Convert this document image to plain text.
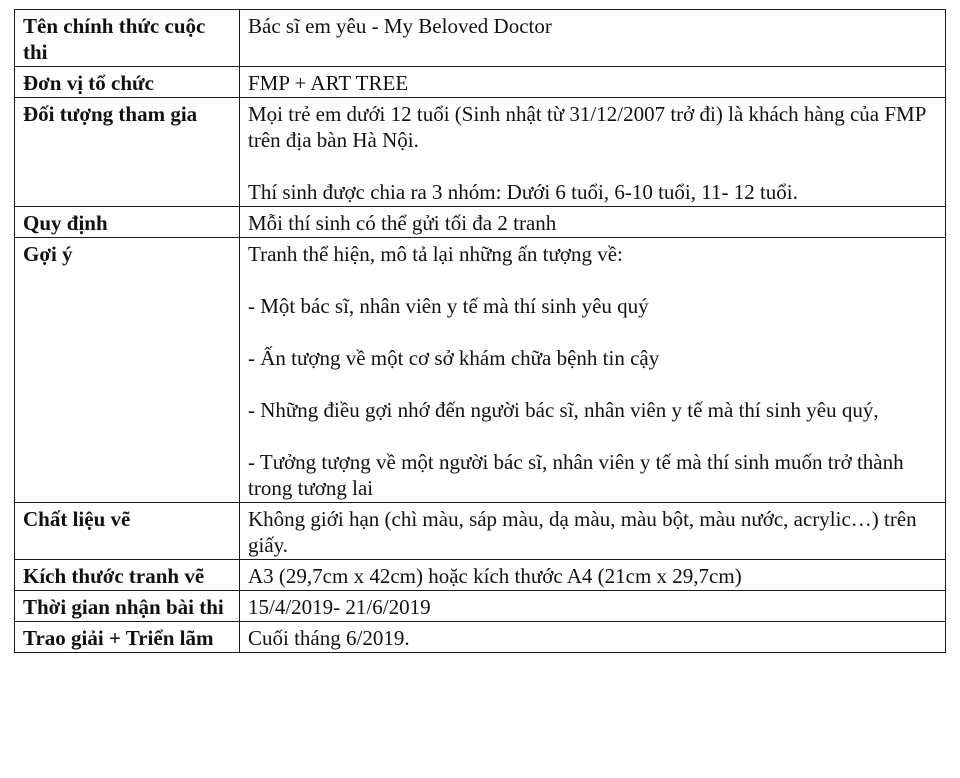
Tên chính thức cuộc thi	Bác sĩ em yêu - My Beloved Doctor

Đơn vị tổ chức	FMP + ART TREE

Đối tượng tham gia	Mọi trẻ em dưới 12 tuổi (Sinh nhật từ 31/12/2007 trở đi) là khách hàng của FMP trên địa bàn Hà Nội.
Thí sinh được chia ra 3 nhóm: Dưới 6 tuổi, 6-10 tuổi, 11- 12 tuổi.

Quy định	Mỗi thí sinh có thể gửi tối đa 2 tranh

Gợi ý	Tranh thể hiện, mô tả lại những ấn tượng về:
- Một bác sĩ, nhân viên y tế mà thí sinh yêu quý
- Ấn tượng về một cơ sở khám chữa bệnh tin cậy
- Những điều gợi nhớ đến người bác sĩ, nhân viên y tế mà thí sinh yêu quý,
- Tưởng tượng về một người bác sĩ, nhân viên y tế mà thí sinh muốn trở thành trong tương lai

Chất liệu vẽ	Không giới hạn (chì màu, sáp màu, dạ màu, màu bột, màu nước, acrylic…) trên giấy.

Kích thước tranh vẽ	A3 (29,7cm x 42cm) hoặc kích thước A4 (21cm x 29,7cm)

Thời gian nhận bài thi	15/4/2019- 21/6/2019

Trao giải + Triển lãm	Cuối tháng 6/2019.
